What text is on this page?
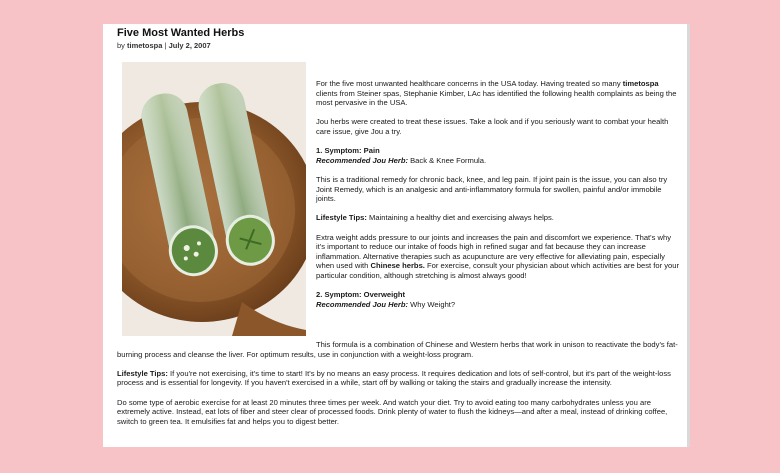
Five Most Wanted Herbs
by timetospa | July 2, 2007

For the five most unwanted healthcare concerns in the USA today. Having treated so many timetospa clients from Steiner spas, Stephanie Kimber, LAc has identified the following health complaints as being the most pervasive in the USA.

Jou herbs were created to treat these issues. Take a look and if you seriously want to combat your health care issue, give Jou a try.

1. Symptom: Pain

Recommended Jou Herb: Back & Knee Formula.

This is a traditional remedy for chronic back, knee, and leg pain. If joint pain is the issue, you can also try Joint Remedy, which is an analgesic and anti-inflammatory formula for swollen, painful and/or immobile joints.

Lifestyle Tips: Maintaining a healthy diet and exercising always helps.

Extra weight adds pressure to our joints and increases the pain and discomfort we experience. That's why it's important to reduce our intake of foods high in refined sugar and fat because they can increase inflammation. Alternative therapies such as acupuncture are very effective for alleviating pain, especially when used with Chinese herbs. For exercise, consult your physician about which activities are best for your particular condition, although stretching is almost always good!

2. Symptom: Overweight

Recommended Jou Herb: Why Weight?

This formula is a combination of Chinese and Western herbs that work in unison to reactivate the body's fat-burning process and cleanse the liver. For optimum results, use in conjunction with a weight-loss program.

Lifestyle Tips: If you're not exercising, it's time to start! It's by no means an easy process. It requires dedication and lots of self-control, but it's part of the weight-loss process and is essential for longevity. If you haven't exercised in a while, start off by walking or taking the stairs and gradually increase the intensity.

Do some type of aerobic exercise for at least 20 minutes three times per week. And watch your diet. Try to avoid eating too many carbohydrates unless you are extremely active. Instead, eat lots of fiber and steer clear of processed foods. Drink plenty of water to flush the kidneys—and after a meal, instead of drinking coffee, switch to green tea. It emulsifies fat and helps you to digest better.
